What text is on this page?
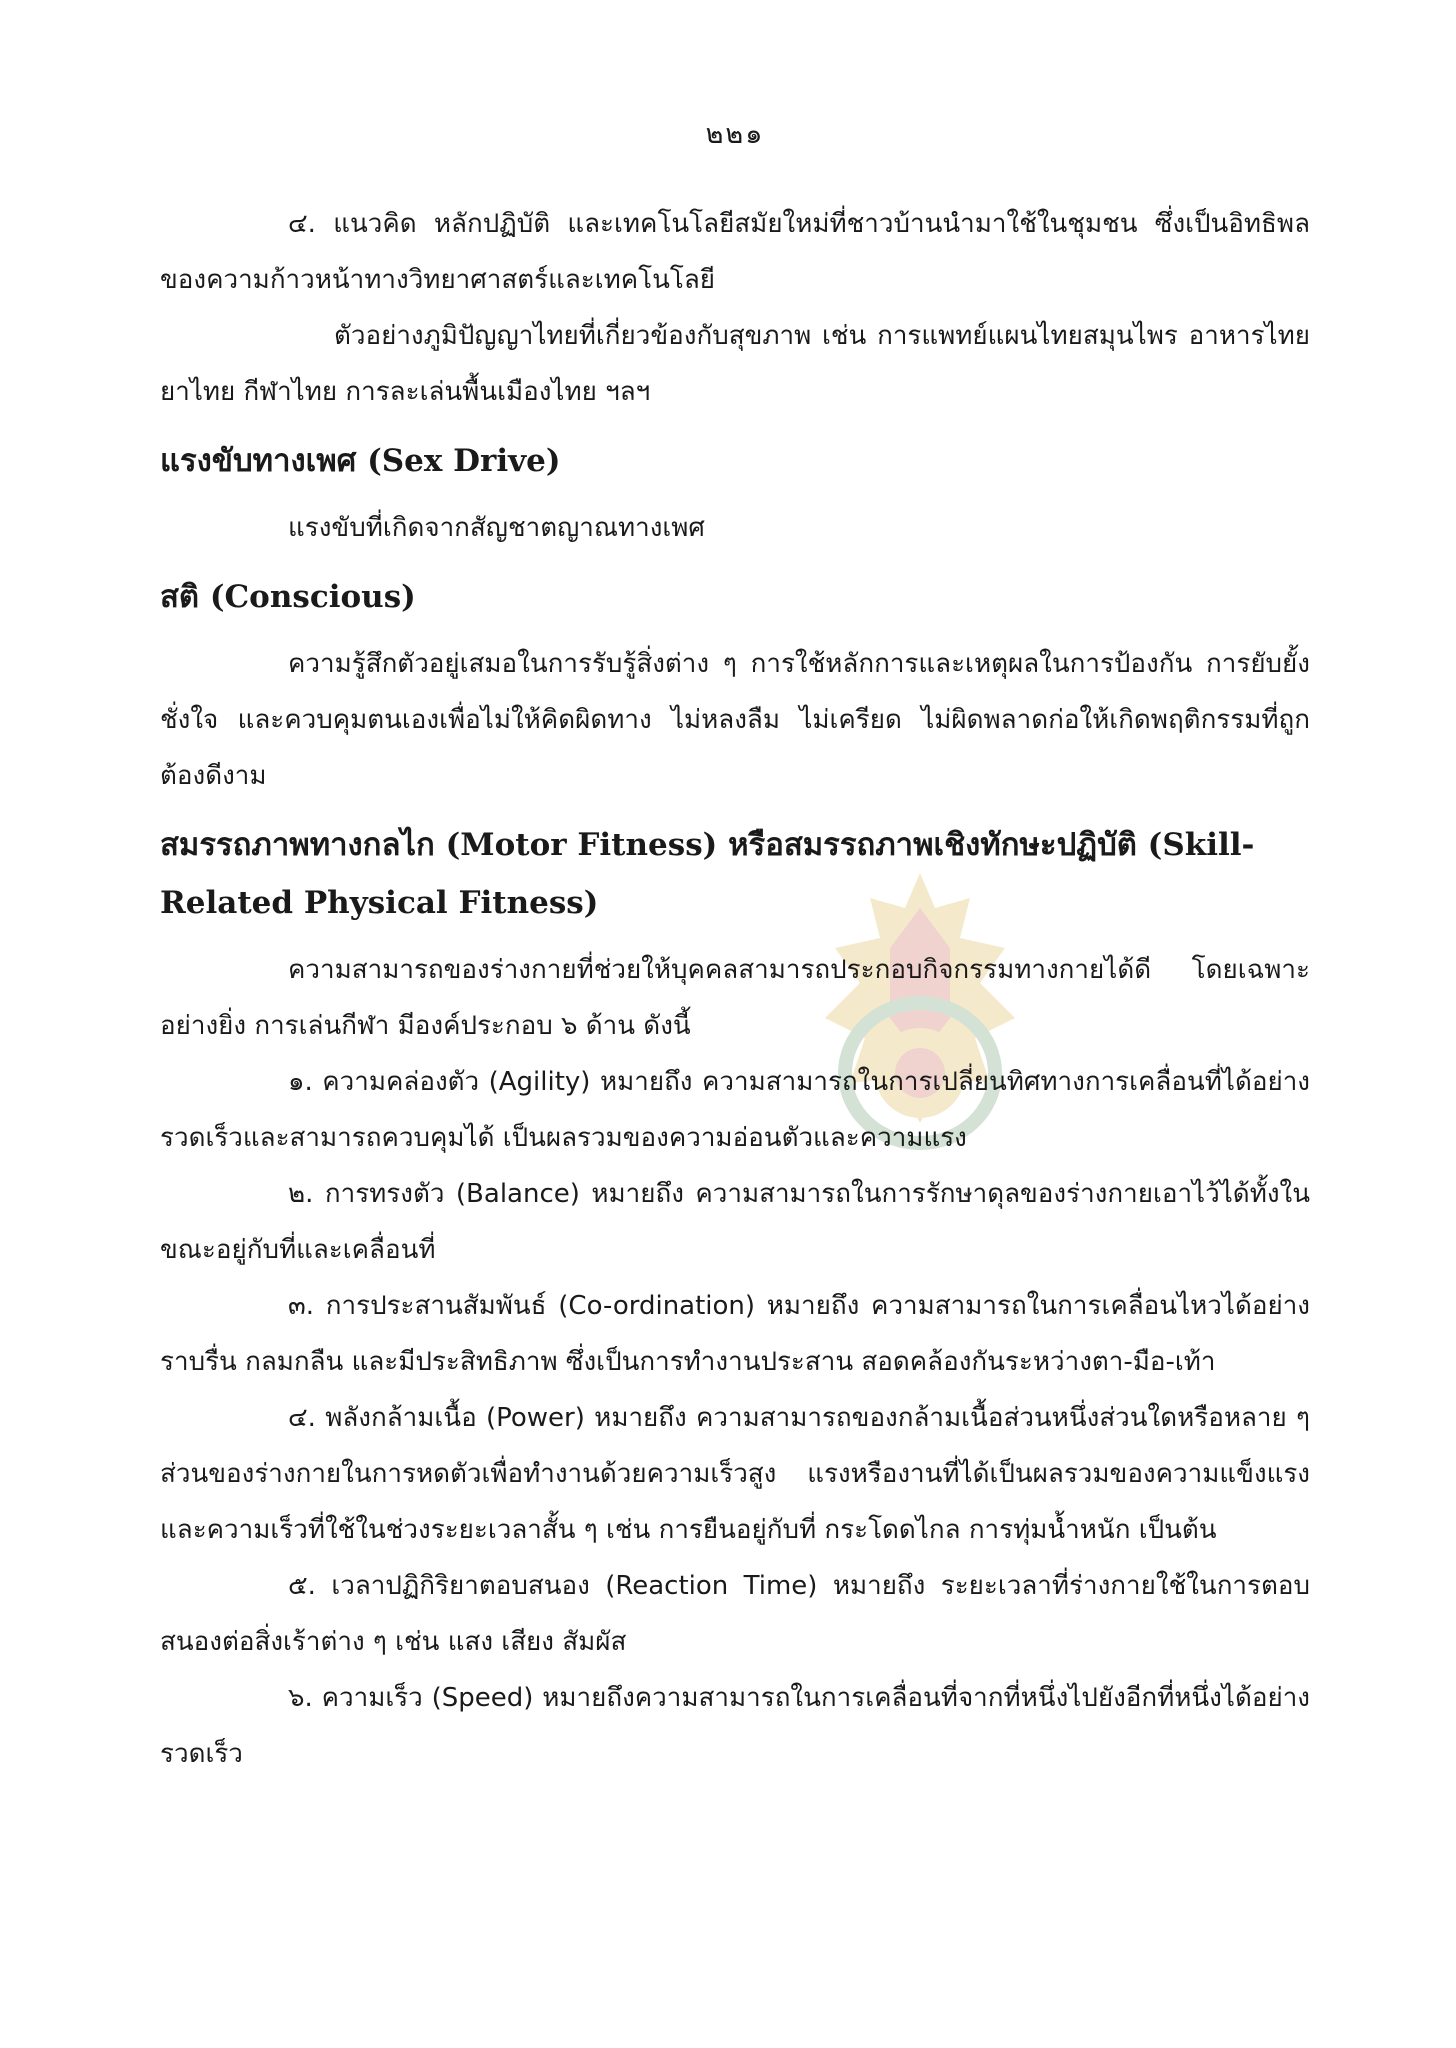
๒๒๑

๔. แนวคิด หลักปฏิบัติ และเทคโนโลยีสมัยใหม่ที่ชาวบ้านนำมาใช้ในชุมชน ซึ่งเป็นอิทธิพลของความก้าวหน้าทางวิทยาศาสตร์และเทคโนโลยี

ตัวอย่างภูมิปัญญาไทยที่เกี่ยวข้องกับสุขภาพ เช่น การแพทย์แผนไทยสมุนไพร อาหารไทย ยาไทย กีฬาไทย การละเล่นพื้นเมืองไทย ฯลฯ

แรงขับทางเพศ (Sex Drive)

แรงขับที่เกิดจากสัญชาตญาณทางเพศ

สติ (Conscious)

ความรู้สึกตัวอยู่เสมอในการรับรู้สิ่งต่าง ๆ การใช้หลักการและเหตุผลในการป้องกัน การยับยั้งชั่งใจ และควบคุมตนเองเพื่อไม่ให้คิดผิดทาง ไม่หลงลืม ไม่เครียด ไม่ผิดพลาดก่อให้เกิดพฤติกรรมที่ถูกต้องดีงาม

สมรรถภาพทางกลไก (Motor Fitness) หรือสมรรถภาพเชิงทักษะปฏิบัติ (Skill-Related Physical Fitness)

ความสามารถของร่างกายที่ช่วยให้บุคคลสามารถประกอบกิจกรรมทางกายได้ดี โดยเฉพาะอย่างยิ่ง การเล่นกีฬา มีองค์ประกอบ ๖ ด้าน ดังนี้

๑. ความคล่องตัว (Agility) หมายถึง ความสามารถในการเปลี่ยนทิศทางการเคลื่อนที่ได้อย่างรวดเร็วและสามารถควบคุมได้ เป็นผลรวมของความอ่อนตัวและความแรง

๒. การทรงตัว (Balance) หมายถึง ความสามารถในการรักษาดุลของร่างกายเอาไว้ได้ทั้งในขณะอยู่กับที่และเคลื่อนที่

๓. การประสานสัมพันธ์ (Co-ordination) หมายถึง ความสามารถในการเคลื่อนไหวได้อย่างราบรื่น กลมกลืน และมีประสิทธิภาพ ซึ่งเป็นการทำงานประสาน สอดคล้องกันระหว่างตา-มือ-เท้า

๔. พลังกล้ามเนื้อ (Power) หมายถึง ความสามารถของกล้ามเนื้อส่วนหนึ่งส่วนใดหรือหลาย ๆ ส่วนของร่างกายในการหดตัวเพื่อทำงานด้วยความเร็วสูง แรงหรืองานที่ได้เป็นผลรวมของความแข็งแรงและความเร็วที่ใช้ในช่วงระยะเวลาสั้น ๆ เช่น การยืนอยู่กับที่ กระโดดไกล การทุ่มน้ำหนัก เป็นต้น

๕. เวลาปฏิกิริยาตอบสนอง (Reaction Time) หมายถึง ระยะเวลาที่ร่างกายใช้ในการตอบสนองต่อสิ่งเร้าต่าง ๆ เช่น แสง เสียง สัมผัส

๖. ความเร็ว (Speed) หมายถึงความสามารถในการเคลื่อนที่จากที่หนึ่งไปยังอีกที่หนึ่งได้อย่างรวดเร็ว
